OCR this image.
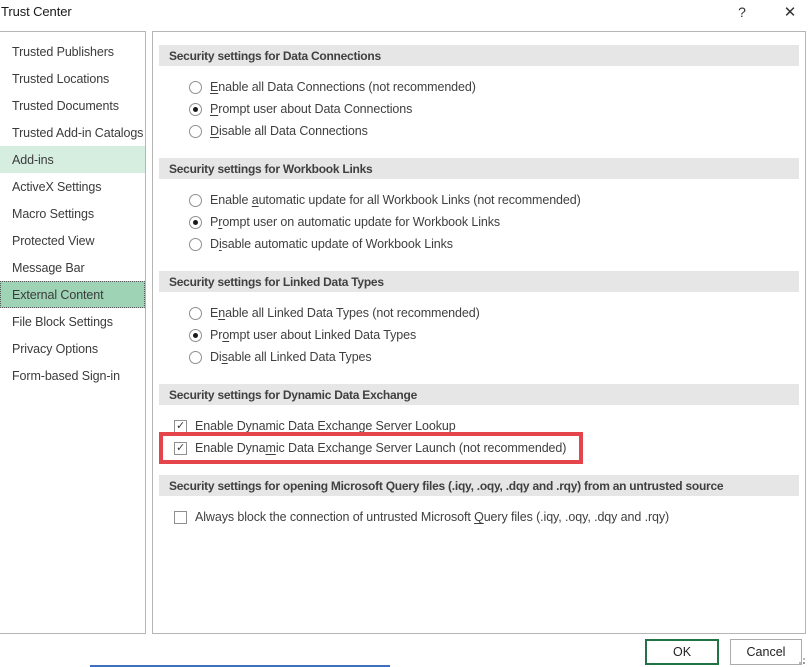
Trust Center	?	✕
Trusted Publishers
Trusted Locations
Trusted Documents
Trusted Add-in Catalogs
Add-ins
ActiveX Settings
Macro Settings
Protected View
Message Bar
External Content
File Block Settings
Privacy Options
Form-based Sign-in
Security settings for Data Connections
Enable all Data Connections (not recommended)
Prompt user about Data Connections
Disable all Data Connections
Security settings for Workbook Links
Enable automatic update for all Workbook Links (not recommended)
Prompt user on automatic update for Workbook Links
Disable automatic update of Workbook Links
Security settings for Linked Data Types
Enable all Linked Data Types (not recommended)
Prompt user about Linked Data Types
Disable all Linked Data Types
Security settings for Dynamic Data Exchange
✓ Enable Dynamic Data Exchange Server Lookup
✓ Enable Dynamic Data Exchange Server Launch (not recommended)
Security settings for opening Microsoft Query files (.iqy, .oqy, .dqy and .rqy) from an untrusted source
Always block the connection of untrusted Microsoft Query files (.iqy, .oqy, .dqy and .rqy)
OK	Cancel
